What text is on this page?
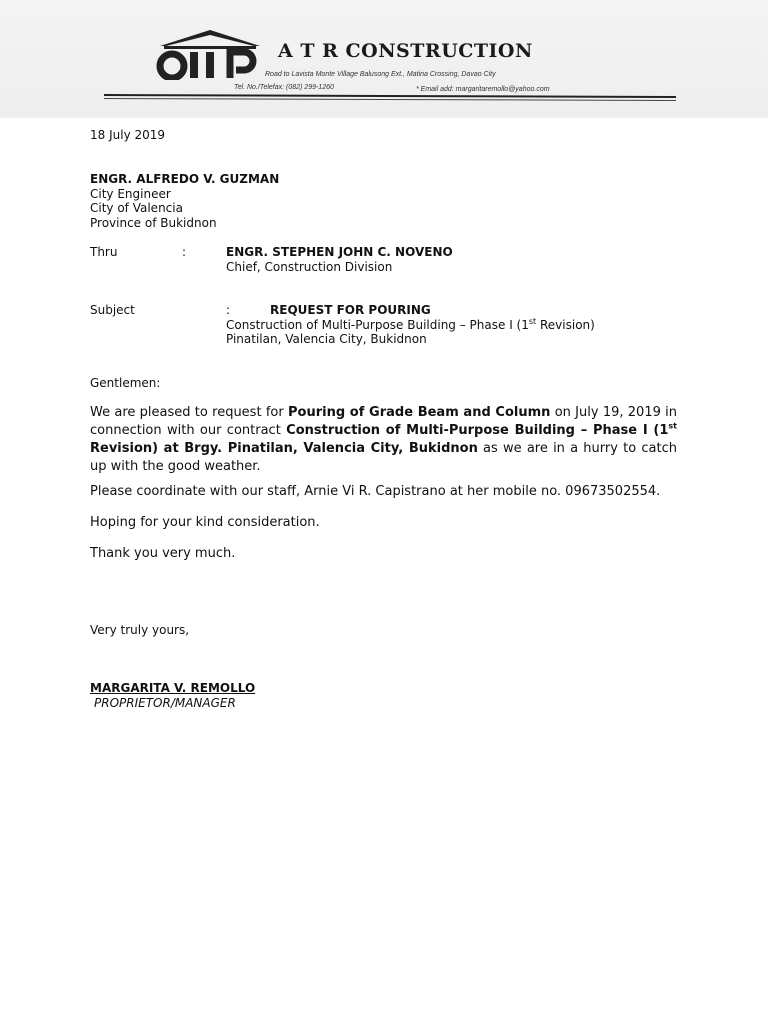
A T R CONSTRUCTION
Road to Lavista Monte Village Balusong Ext., Matina Crossing, Davao City
Tel. No./Telefax: (082) 299-1260	* Email add: margaritaremollo@yahoo.com
18 July 2019
ENGR. ALFREDO V. GUZMAN
City Engineer
City of Valencia
Province of Bukidnon
Thru	:	ENGR. STEPHEN JOHN C. NOVENO
Chief, Construction Division
Subject	:	REQUEST FOR POURING
Construction of Multi-Purpose Building – Phase I (1st Revision)
Pinatilan, Valencia City, Bukidnon
Gentlemen:
We are pleased to request for Pouring of Grade Beam and Column on July 19, 2019 in connection with our contract Construction of Multi-Purpose Building – Phase I (1st Revision) at Brgy. Pinatilan, Valencia City, Bukidnon as we are in a hurry to catch up with the good weather.
Please coordinate with our staff, Arnie Vi R. Capistrano at her mobile no. 09673502554.
Hoping for your kind consideration.
Thank you very much.
Very truly yours,
MARGARITA V. REMOLLO
PROPRIETOR/MANAGER
